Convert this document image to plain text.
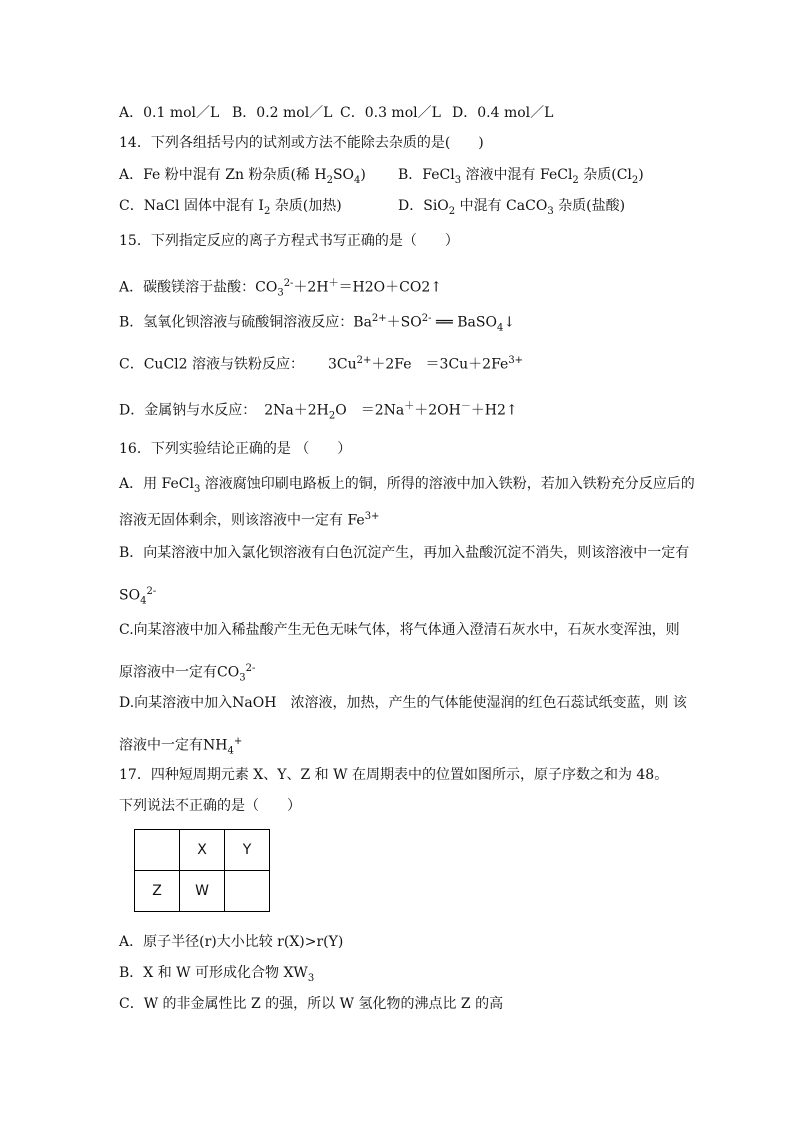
A．0.1 mol／L B．0.2 mol／L C．0.3 mol／L D．0.4 mol／L
14．下列各组括号内的试剂或方法不能除去杂质的是(　　)
A．Fe 粉中混有 Zn 粉杂质(稀 $H_2SO_4$) B．FeCl$_3$ 溶液中混有 FeCl$_2$ 杂质$(Cl_2)$
C．NaCl 固体中混有 $I_2$ 杂质(加热)	D．SiO$_2$ 中混有 CaCO$_3$ 杂质(盐酸)
15．下列指定反应的离子方程式书写正确的是（　　）
A．碳酸镁溶于盐酸：$CO_3^{2-}+2H^+=H2O+CO2↑$
B．氢氧化钡溶液与硫酸铜溶液反应：$Ba^{2+}+SO^{2-}$ ══ BaSO$_4$↓
C．CuCl2 溶液与铁粉反应： $3Cu^{2+}+2Fe$　$=3Cu+2Fe^{3+}$
D．金属钠与水反应： $2Na+2H_2O$　＝2Na＋＋2OH－＋H2↑
16．下列实验结论正确的是 （　　）
A．用 FeCl$_3$ 溶液腐蚀印刷电路板上的铜，所得的溶液中加入铁粉，若加入铁粉充分反应后的
溶液无固体剩余，则该溶液中一定有 $Fe^{3+}$
B．向某溶液中加入氯化钡溶液有白色沉淀产生，再加入盐酸沉淀不消失，则该溶液中一定有
$SO_4^{2-}$
C.向某溶液中加入稀盐酸产生无色无味气体，将气体通入澄清石灰水中，石灰水变浑浊，则
原溶液中一定有$CO_3^{2-}$
D.向某溶液中加入NaOH　浓溶液，加热，产生的气体能使湿润的红色石蕊试纸变蓝，则 该
溶液中一定有$NH_4^+$
17．四种短周期元素 X、Y、Z 和 W 在周期表中的位置如图所示，原子序数之和为 48。
下列说法不正确的是（　　）
	X	Y
Z	W	
A．原子半径(r)大小比较 r(X)>r(Y)
B．X 和 W 可形成化合物 $XW_3$
C．W 的非金属性比 Z 的强，所以 W 氢化物的沸点比 Z 的高
